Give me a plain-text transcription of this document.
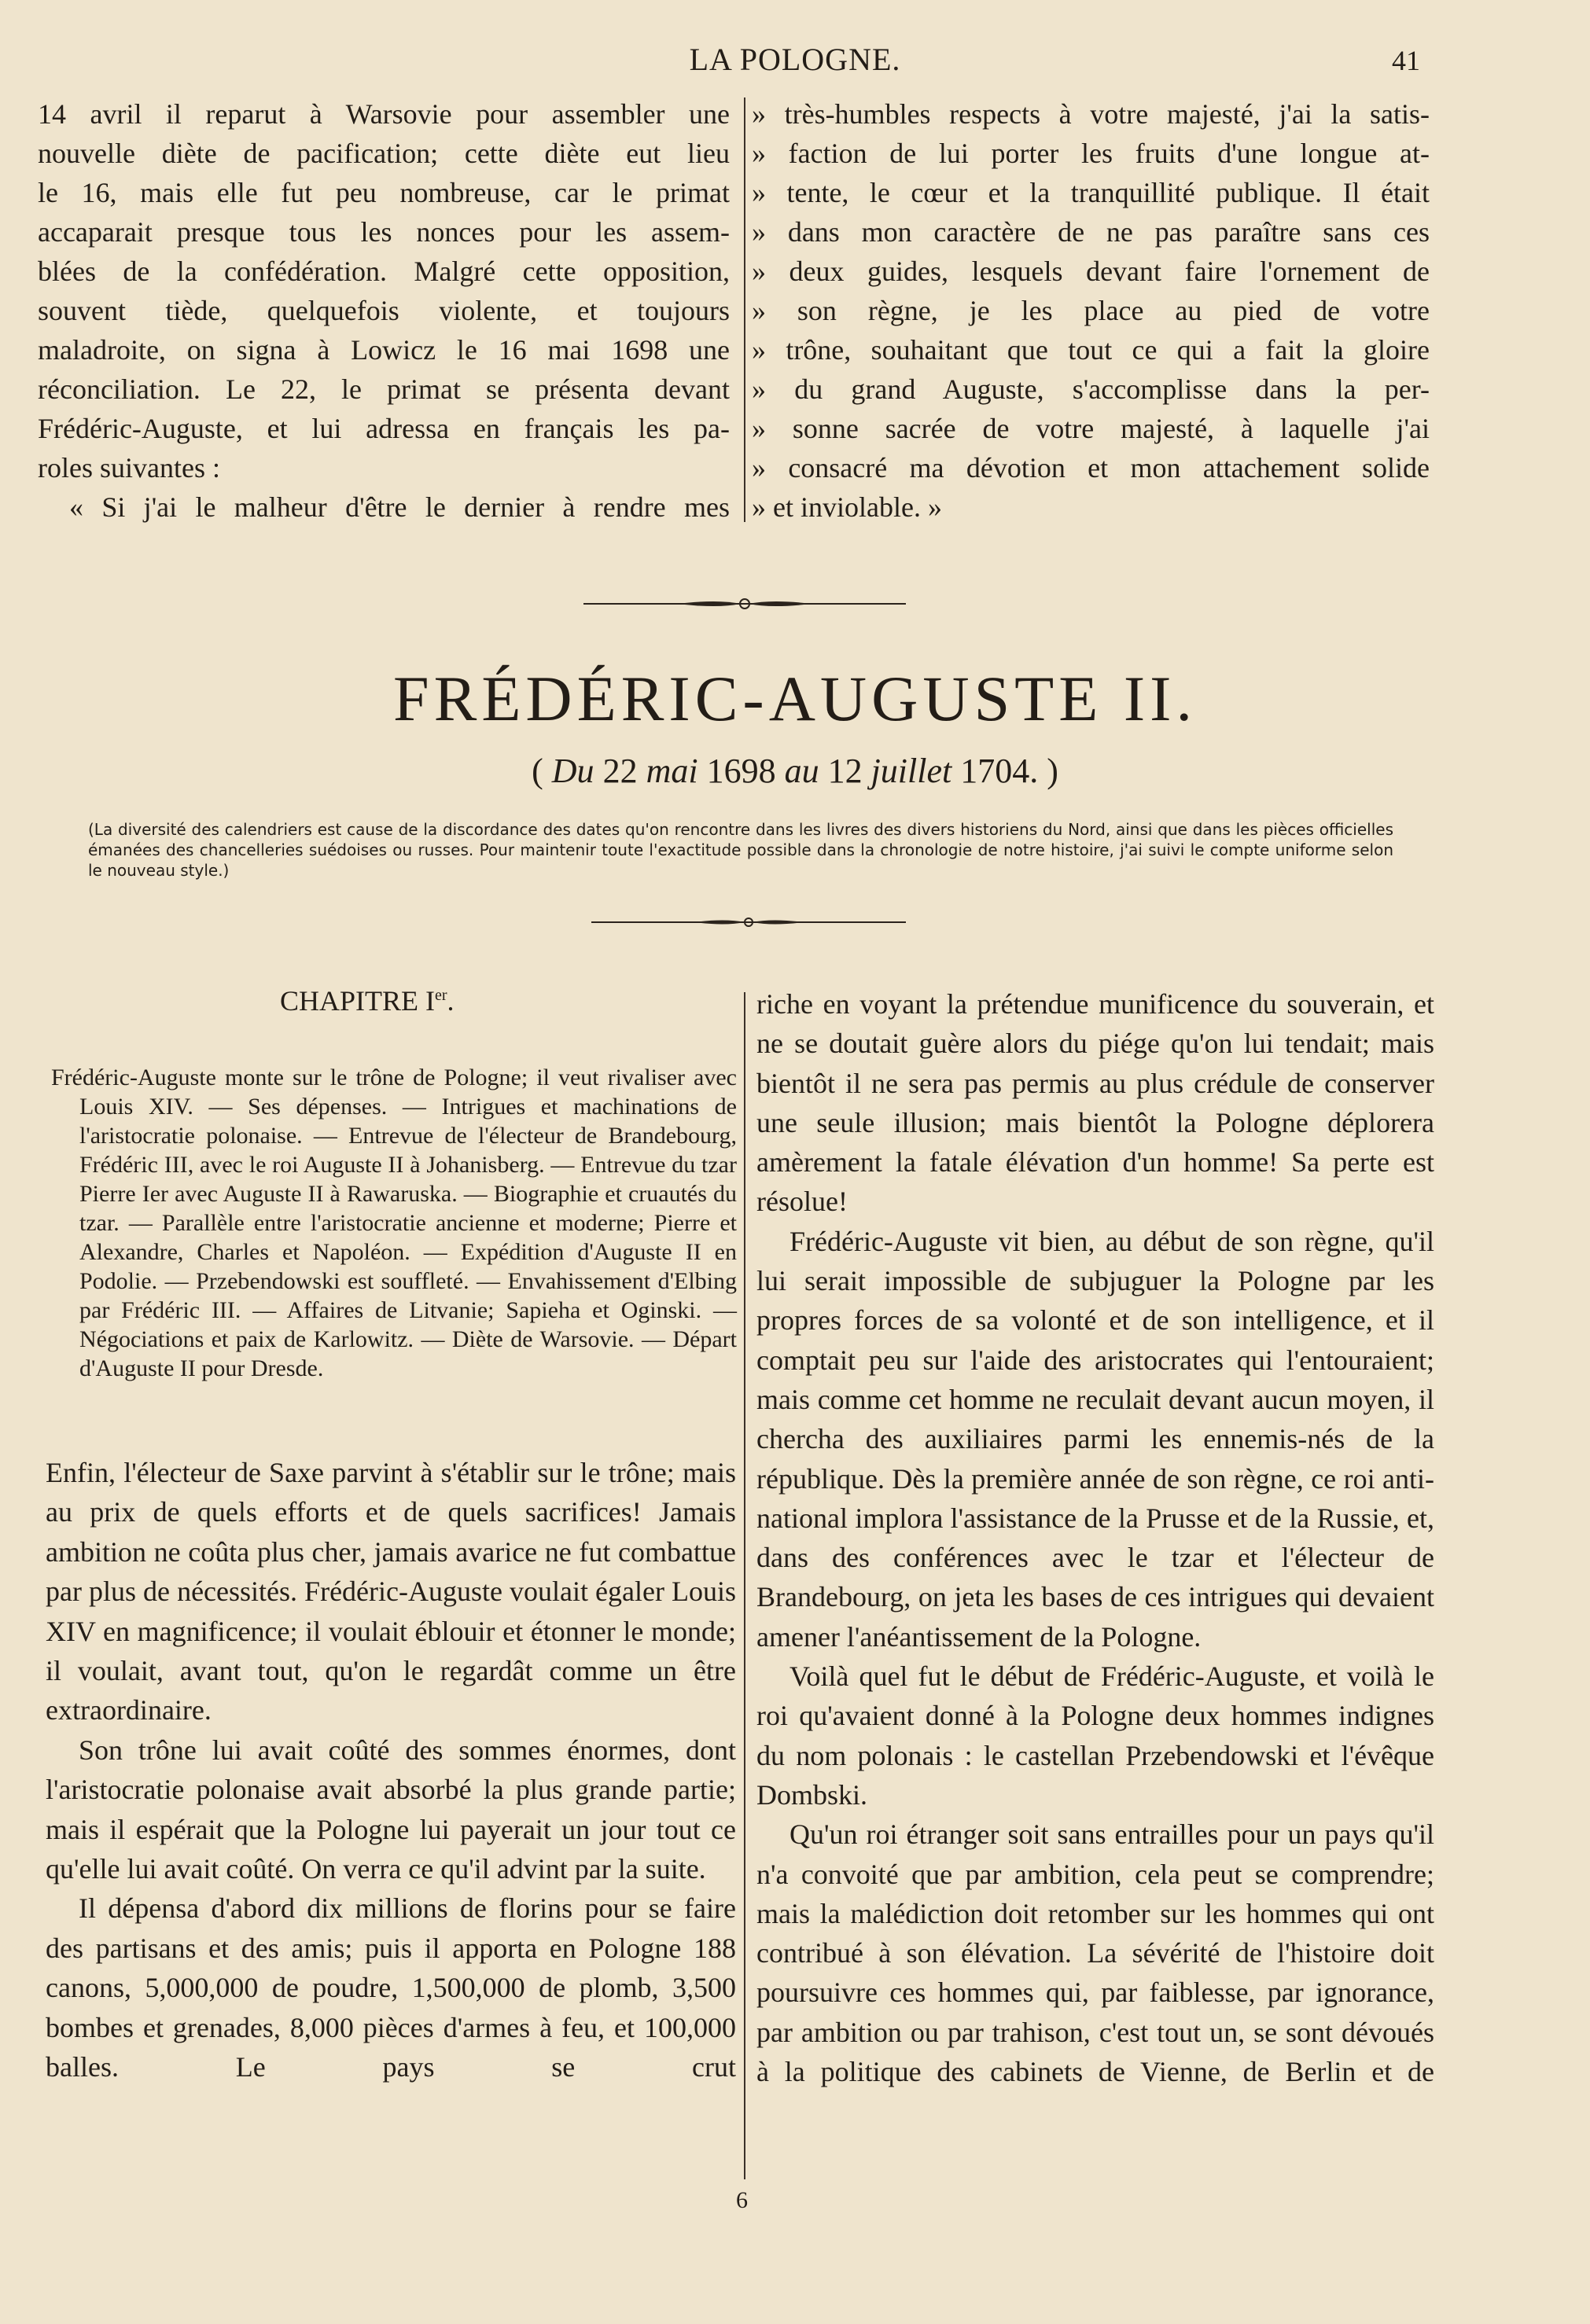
LA POLOGNE.	41
14 avril il reparut à Warsovie pour assembler une
nouvelle diète de pacification; cette diète eut lieu
le 16, mais elle fut peu nombreuse, car le primat
accaparait presque tous les nonces pour les assem-
blées de la confédération. Malgré cette opposition,
souvent tiède, quelquefois violente, et toujours
maladroite, on signa à Lowicz le 16 mai 1698 une
réconciliation. Le 22, le primat se présenta devant
Frédéric-Auguste, et lui adressa en français les pa-
roles suivantes :
« Si j'ai le malheur d'être le dernier à rendre mes
» très-humbles respects à votre majesté, j'ai la satis-
» faction de lui porter les fruits d'une longue at-
» tente, le cœur et la tranquillité publique. Il était
» dans mon caractère de ne pas paraître sans ces
» deux guides, lesquels devant faire l'ornement de
» son règne, je les place au pied de votre
» trône, souhaitant que tout ce qui a fait la gloire
» du grand Auguste, s'accomplisse dans la per-
» sonne sacrée de votre majesté, à laquelle j'ai
» consacré ma dévotion et mon attachement solide
» et inviolable. »
FRÉDÉRIC-AUGUSTE II.
( Du 22 mai 1698 au 12 juillet 1704. )
(La diversité des calendriers est cause de la discordance des dates qu'on rencontre dans les livres des divers historiens du Nord, ainsi que dans les pièces officielles émanées des chancelleries suédoises ou russes. Pour maintenir toute l'exactitude possible dans la chronologie de notre histoire, j'ai suivi le compte uniforme selon le nouveau style.)
CHAPITRE Ier.

Frédéric-Auguste monte sur le trône de Pologne; il veut rivaliser avec Louis XIV. — Ses dépenses. — Intrigues et machinations de l'aristocratie polonaise. — Entrevue de l'électeur de Brandebourg, Frédéric III, avec le roi Auguste II à Johanisberg. — Entrevue du tzar Pierre Ier avec Auguste II à Rawaruska. — Biographie et cruautés du tzar. — Parallèle entre l'aristocratie ancienne et moderne; Pierre et Alexandre, Charles et Napoléon. — Expédition d'Auguste II en Podolie. — Przebendowski est souffleté. — Envahissement d'Elbing par Frédéric III. — Affaires de Litvanie; Sapieha et Oginski. — Négociations et paix de Karlowitz. — Diète de Warsovie. — Départ d'Auguste II pour Dresde.

Enfin, l'électeur de Saxe parvint à s'établir sur le trône; mais au prix de quels efforts et de quels sacrifices! Jamais ambition ne coûta plus cher, jamais avarice ne fut combattue par plus de nécessités. Frédéric-Auguste voulait égaler Louis XIV en magnificence; il voulait éblouir et étonner le monde; il voulait, avant tout, qu'on le regardât comme un être extraordinaire.

Son trône lui avait coûté des sommes énormes, dont l'aristocratie polonaise avait absorbé la plus grande partie; mais il espérait que la Pologne lui payerait un jour tout ce qu'elle lui avait coûté. On verra ce qu'il advint par la suite.

Il dépensa d'abord dix millions de florins pour se faire des partisans et des amis; puis il apporta en Pologne 188 canons, 5,000,000 de poudre, 1,500,000 de plomb, 3,500 bombes et grenades, 8,000 pièces d'armes à feu, et 100,000 balles. Le pays se crut

riche en voyant la prétendue munificence du souverain, et ne se doutait guère alors du piége qu'on lui tendait; mais bientôt il ne sera pas permis au plus crédule de conserver une seule illusion; mais bientôt la Pologne déplorera amèrement la fatale élévation d'un homme! Sa perte est résolue!

Frédéric-Auguste vit bien, au début de son règne, qu'il lui serait impossible de subjuguer la Pologne par les propres forces de sa volonté et de son intelligence, et il comptait peu sur l'aide des aristocrates qui l'entouraient; mais comme cet homme ne reculait devant aucun moyen, il chercha des auxiliaires parmi les ennemis-nés de la république. Dès la première année de son règne, ce roi anti-national implora l'assistance de la Prusse et de la Russie, et, dans des conférences avec le tzar et l'électeur de Brandebourg, on jeta les bases de ces intrigues qui devaient amener l'anéantissement de la Pologne.

Voilà quel fut le début de Frédéric-Auguste, et voilà le roi qu'avaient donné à la Pologne deux hommes indignes du nom polonais : le castellan Przebendowski et l'évêque Dombski.

Qu'un roi étranger soit sans entrailles pour un pays qu'il n'a convoité que par ambition, cela peut se comprendre; mais la malédiction doit retomber sur les hommes qui ont contribué à son élévation. La sévérité de l'histoire doit poursuivre ces hommes qui, par faiblesse, par ignorance, par ambition ou par trahison, c'est tout un, se sont dévoués à la politique des cabinets de Vienne, de Berlin et de

6
